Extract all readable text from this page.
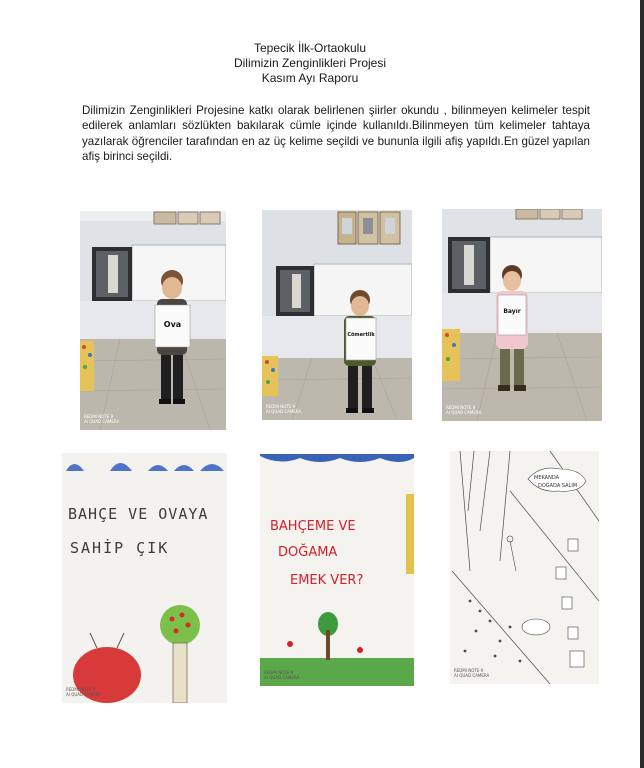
Tepecik İlk-Ortaokulu
Dilimizin Zenginlikleri Projesi
Kasım Ayı Raporu
Dilimizin Zenginlikleri Projesine katkı olarak belirlenen şiirler okundu , bilinmeyen kelimeler tespit edilerek anlamları sözlükten bakılarak cümle içinde kullanıldı.Bilinmeyen tüm kelimeler tahtaya yazılarak öğrenciler tarafından en az üç kelime seçildi ve bununla ilgili afiş yapıldı.En güzel yapılan afiş birinci seçildi.
Ova
REDMI NOTE 9
AI QUAD CAMERA
Cömertlik
REDMI NOTE 9
AI QUAD CAMERA
Bayır
REDMI NOTE 9
AI QUAD CAMERA
BAHÇE VE OVAYA
SAHİP ÇIK
REDMI NOTE 9
AI QUAD CAMERA
BAHÇEME VE
DOĞAMA
EMEK VER?
REDMI NOTE 9
AI QUAD CAMERA
MEKANDA
DOĞADA SALIM
REDMI NOTE 9
AI QUAD CAMERA
